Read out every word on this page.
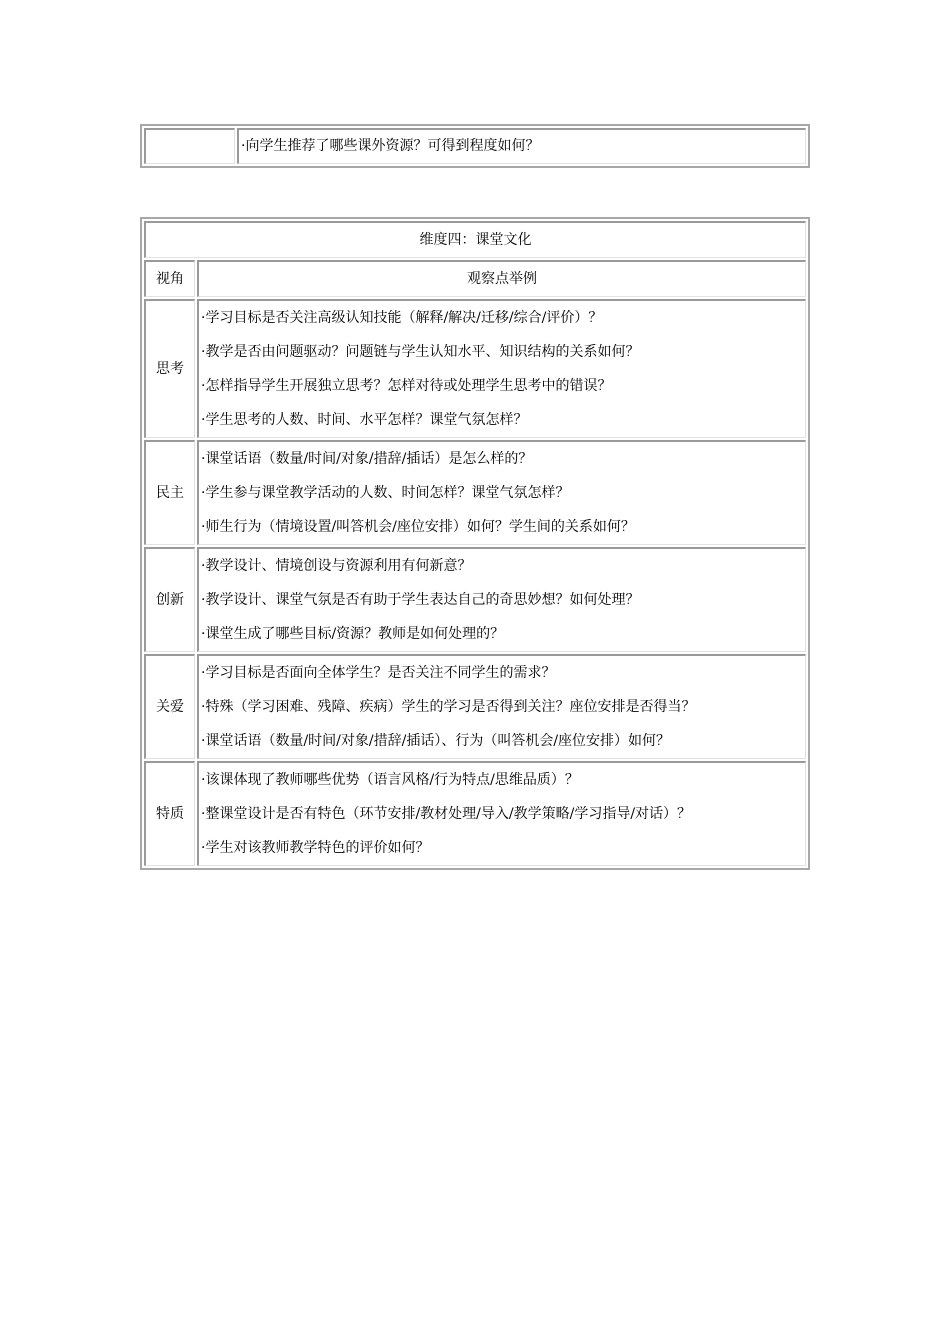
	·向学生推荐了哪些课外资源？可得到程度如何？
维度四：课堂文化	
视角	观察点举例
思考	·学习目标是否关注高级认知技能（解释/解决/迁移/综合/评价）？
·教学是否由问题驱动？问题链与学生认知水平、知识结构的关系如何？
·怎样指导学生开展独立思考？怎样对待或处理学生思考中的错误？
·学生思考的人数、时间、水平怎样？课堂气氛怎样？

民主	·课堂话语（数量/时间/对象/措辞/插话）是怎么样的？
·学生参与课堂教学活动的人数、时间怎样？课堂气氛怎样？
·师生行为（情境设置/叫答机会/座位安排）如何？学生间的关系如何？

创新	·教学设计、情境创设与资源利用有何新意？
·教学设计、课堂气氛是否有助于学生表达自己的奇思妙想？如何处理？
·课堂生成了哪些目标/资源？教师是如何处理的？

关爱	·学习目标是否面向全体学生？是否关注不同学生的需求？
·特殊（学习困难、残障、疾病）学生的学习是否得到关注？座位安排是否得当？
·课堂话语（数量/时间/对象/措辞/插话）、行为（叫答机会/座位安排）如何？

特质	·该课体现了教师哪些优势（语言风格/行为特点/思维品质）？
·整课堂设计是否有特色（环节安排/教材处理/导入/教学策略/学习指导/对话）？
·学生对该教师教学特色的评价如何？
